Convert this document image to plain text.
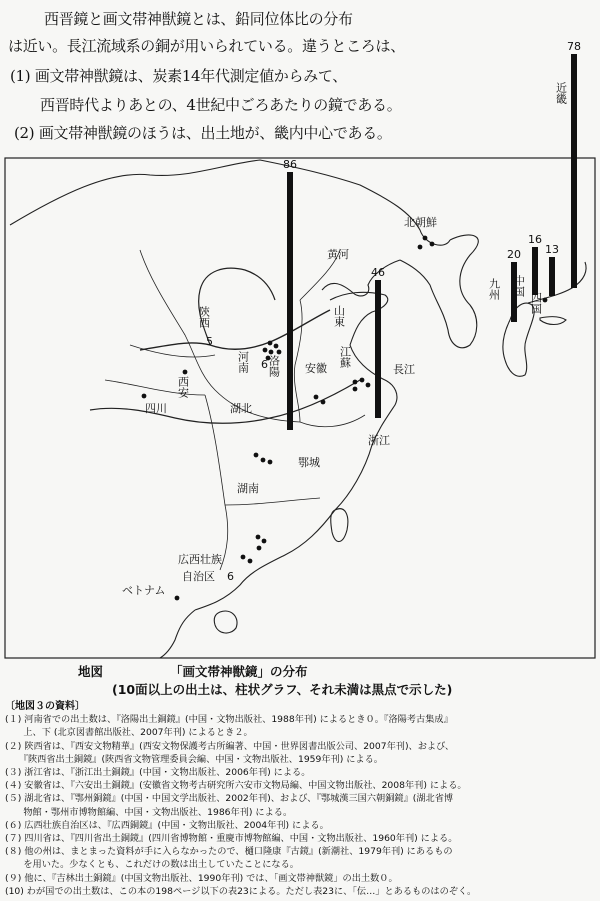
西晋鏡と画文帯神獣鏡とは、鉛同位体比の分布
は近い。長江流域系の銅が用いられている。違うところは、
(1) 画文帯神獣鏡は、炭素14年代測定値からみて、
西晋時代よりあとの、4世紀中ごろあたりの鏡である。
(2) 画文帯神獣鏡のほうは、出土地が、畿内中心である。
86
46
78
16
20 13
北朝鮮
黄河
山東
陝西
5
河南 6 洛陽
西安
安徽
江蘇
長江
四川	湖北
浙江
鄂城
湖南
広西壮族
自治区 6
ベトナム
九州 中国
四国
近畿
地図	「画文帯神獣鏡」の分布
(10面以上の出土は、柱状グラフ、それ未満は黒点で示した)
〔地図３の資料〕
(１) 河南省での出土数は、『洛陽出土銅鏡』(中国・文物出版社、1988年刊) によるとき０。『洛陽考古集成』
　　上、下 (北京図書館出版社、2007年刊) によるとき２。
(２) 陝西省は、『西安文物精華』(西安文物保護考古所編著、中国・世界図書出版公司、2007年刊)、および、
　　『陝西省出土銅鏡』(陝西省文物管理委員会編、中国・文物出版社、1959年刊) による。
(３) 浙江省は、『浙江出土銅鏡』(中国・文物出版社、2006年刊) による。
(４) 安徽省は、『六安出土銅鏡』(安徽省文物考古研究所六安市文物局編、中国文物出版社、2008年刊) による。
(５) 湖北省は、『鄂州銅鏡』(中国・中国文学出版社、2002年刊)、および、『鄂城漢三国六朝銅鏡』(湖北省博
　　物館・鄂州市博物館編、中国・文物出版社、1986年刊) による。
(６) 広西壮族自治区は、『広西銅鏡』(中国・文物出版社、2004年刊) による。
(７) 四川省は、『四川省出土銅鏡』(四川省博物館・重慶市博物館編、中国・文物出版社、1960年刊) による。
(８) 他の州は、まとまった資料が手に入らなかったので、樋口隆康『古鏡』(新潮社、1979年刊) にあるもの
　　を用いた。少なくとも、これだけの数は出土していたことになる。
(９) 他に、『吉林出土銅鏡』(中国文物出版社、1990年刊) では、「画文帯神獣鏡」の出土数０。
(10) わが国での出土数は、この本の198ページ以下の表23による。ただし表23に、「伝…」とあるものはのぞく。
